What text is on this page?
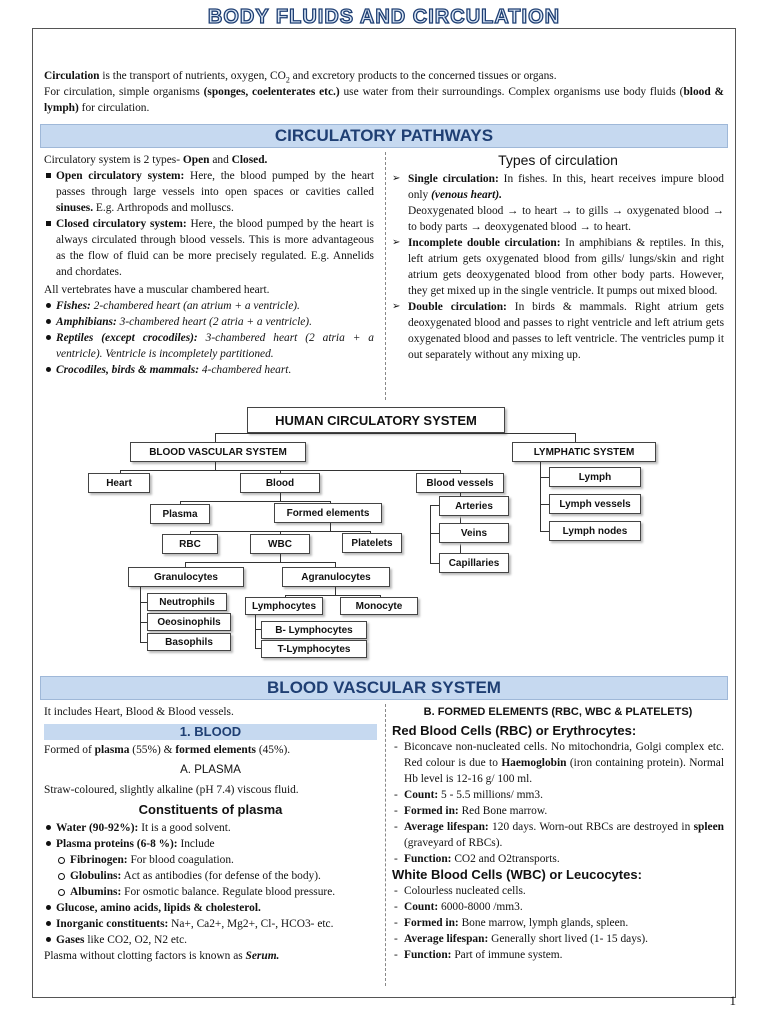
BODY FLUIDS AND CIRCULATION

Circulation is the transport of nutrients, oxygen, $CO_2$ and excretory products to the concerned tissues or organs.

For circulation, simple organisms (sponges, coelenterates etc.) use water from their surroundings. Complex organisms use body fluids (blood & lymph) for circulation.

CIRCULATORY PATHWAYS

Circulatory system is 2 types- Open and Closed.

Open circulatory system: Here, the blood pumped by the heart passes through large vessels into open spaces or cavities called sinuses. E.g. Arthropods and molluscs.

Closed circulatory system: Here, the blood pumped by the heart is always circulated through blood vessels. This is more advantageous as the flow of fluid can be more precisely regulated. E.g. Annelids and chordates.

All vertebrates have a muscular chambered heart.

Fishes: 2-chambered heart (an atrium + a ventricle).

Amphibians: 3-chambered heart (2 atria + a ventricle).

Reptiles (except crocodiles): 3-chambered heart (2 atria + a ventricle). Ventricle is incompletely partitioned.

Crocodiles, birds & mammals: 4-chambered heart.

Types of circulation

➢ Single circulation: In fishes. In this, heart receives impure blood only (venous heart).

Deoxygenated blood → to heart → to gills → oxygenated blood → to body parts → deoxygenated blood → to heart.

➢ Incomplete double circulation: In amphibians & reptiles. In this, left atrium gets oxygenated blood from gills/ lungs/skin and right atrium gets deoxygenated blood from other body parts. However, they get mixed up in the single ventricle. It pumps out mixed blood.

➢ Double circulation: In birds & mammals. Right atrium gets deoxygenated blood and passes to right ventricle and left atrium gets oxygenated blood and passes to left ventricle. The ventricles pump it out separately without any mixing up.

HUMAN CIRCULATORY SYSTEM
BLOOD VASCULAR SYSTEM	LYMPHATIC SYSTEM
Heart	Blood	Blood vessels
Plasma	Formed elements
RBC	WBC	Platelets
Granulocytes	Agranulocytes
Neutrophils
Oeosinophils
Basophils
Lymphocytes	Monocyte
B- Lymphocytes
T-Lymphocytes
Arteries
Veins
Capillaries
Lymph
Lymph vessels
Lymph nodes
BLOOD VASCULAR SYSTEM

It includes Heart, Blood & Blood vessels.

1. BLOOD

Formed of plasma (55%) & formed elements (45%).

A. PLASMA

Straw-coloured, slightly alkaline (pH 7.4) viscous fluid.

Constituents of plasma

Water (90-92%): It is a good solvent.

Plasma proteins (6-8 %): Include

Fibrinogen: For blood coagulation.

Globulins: Act as antibodies (for defense of the body).

Albumins: For osmotic balance. Regulate blood pressure.

Glucose, amino acids, lipids & cholesterol.

Inorganic constituents: Na+, Ca2+, Mg2+, Cl-, HCO3- etc.

Gases like CO2, O2, N2 etc.

Plasma without clotting factors is known as Serum.

B. FORMED ELEMENTS (RBC, WBC & PLATELETS)

Red Blood Cells (RBC) or Erythrocytes:

- Biconcave non-nucleated cells. No mitochondria, Golgi complex etc. Red colour is due to Haemoglobin (iron containing protein). Normal Hb level is 12-16 g/ 100 ml.

- Count: 5 - 5.5 millions/ mm3.

- Formed in: Red Bone marrow.

- Average lifespan: 120 days. Worn-out RBCs are destroyed in spleen (graveyard of RBCs).

- Function: CO2 and O2transports.

White Blood Cells (WBC) or Leucocytes:

- Colourless nucleated cells.

- Count: 6000-8000 /mm3.

- Formed in: Bone marrow, lymph glands, spleen.

- Average lifespan: Generally short lived (1- 15 days).

- Function: Part of immune system.

1
